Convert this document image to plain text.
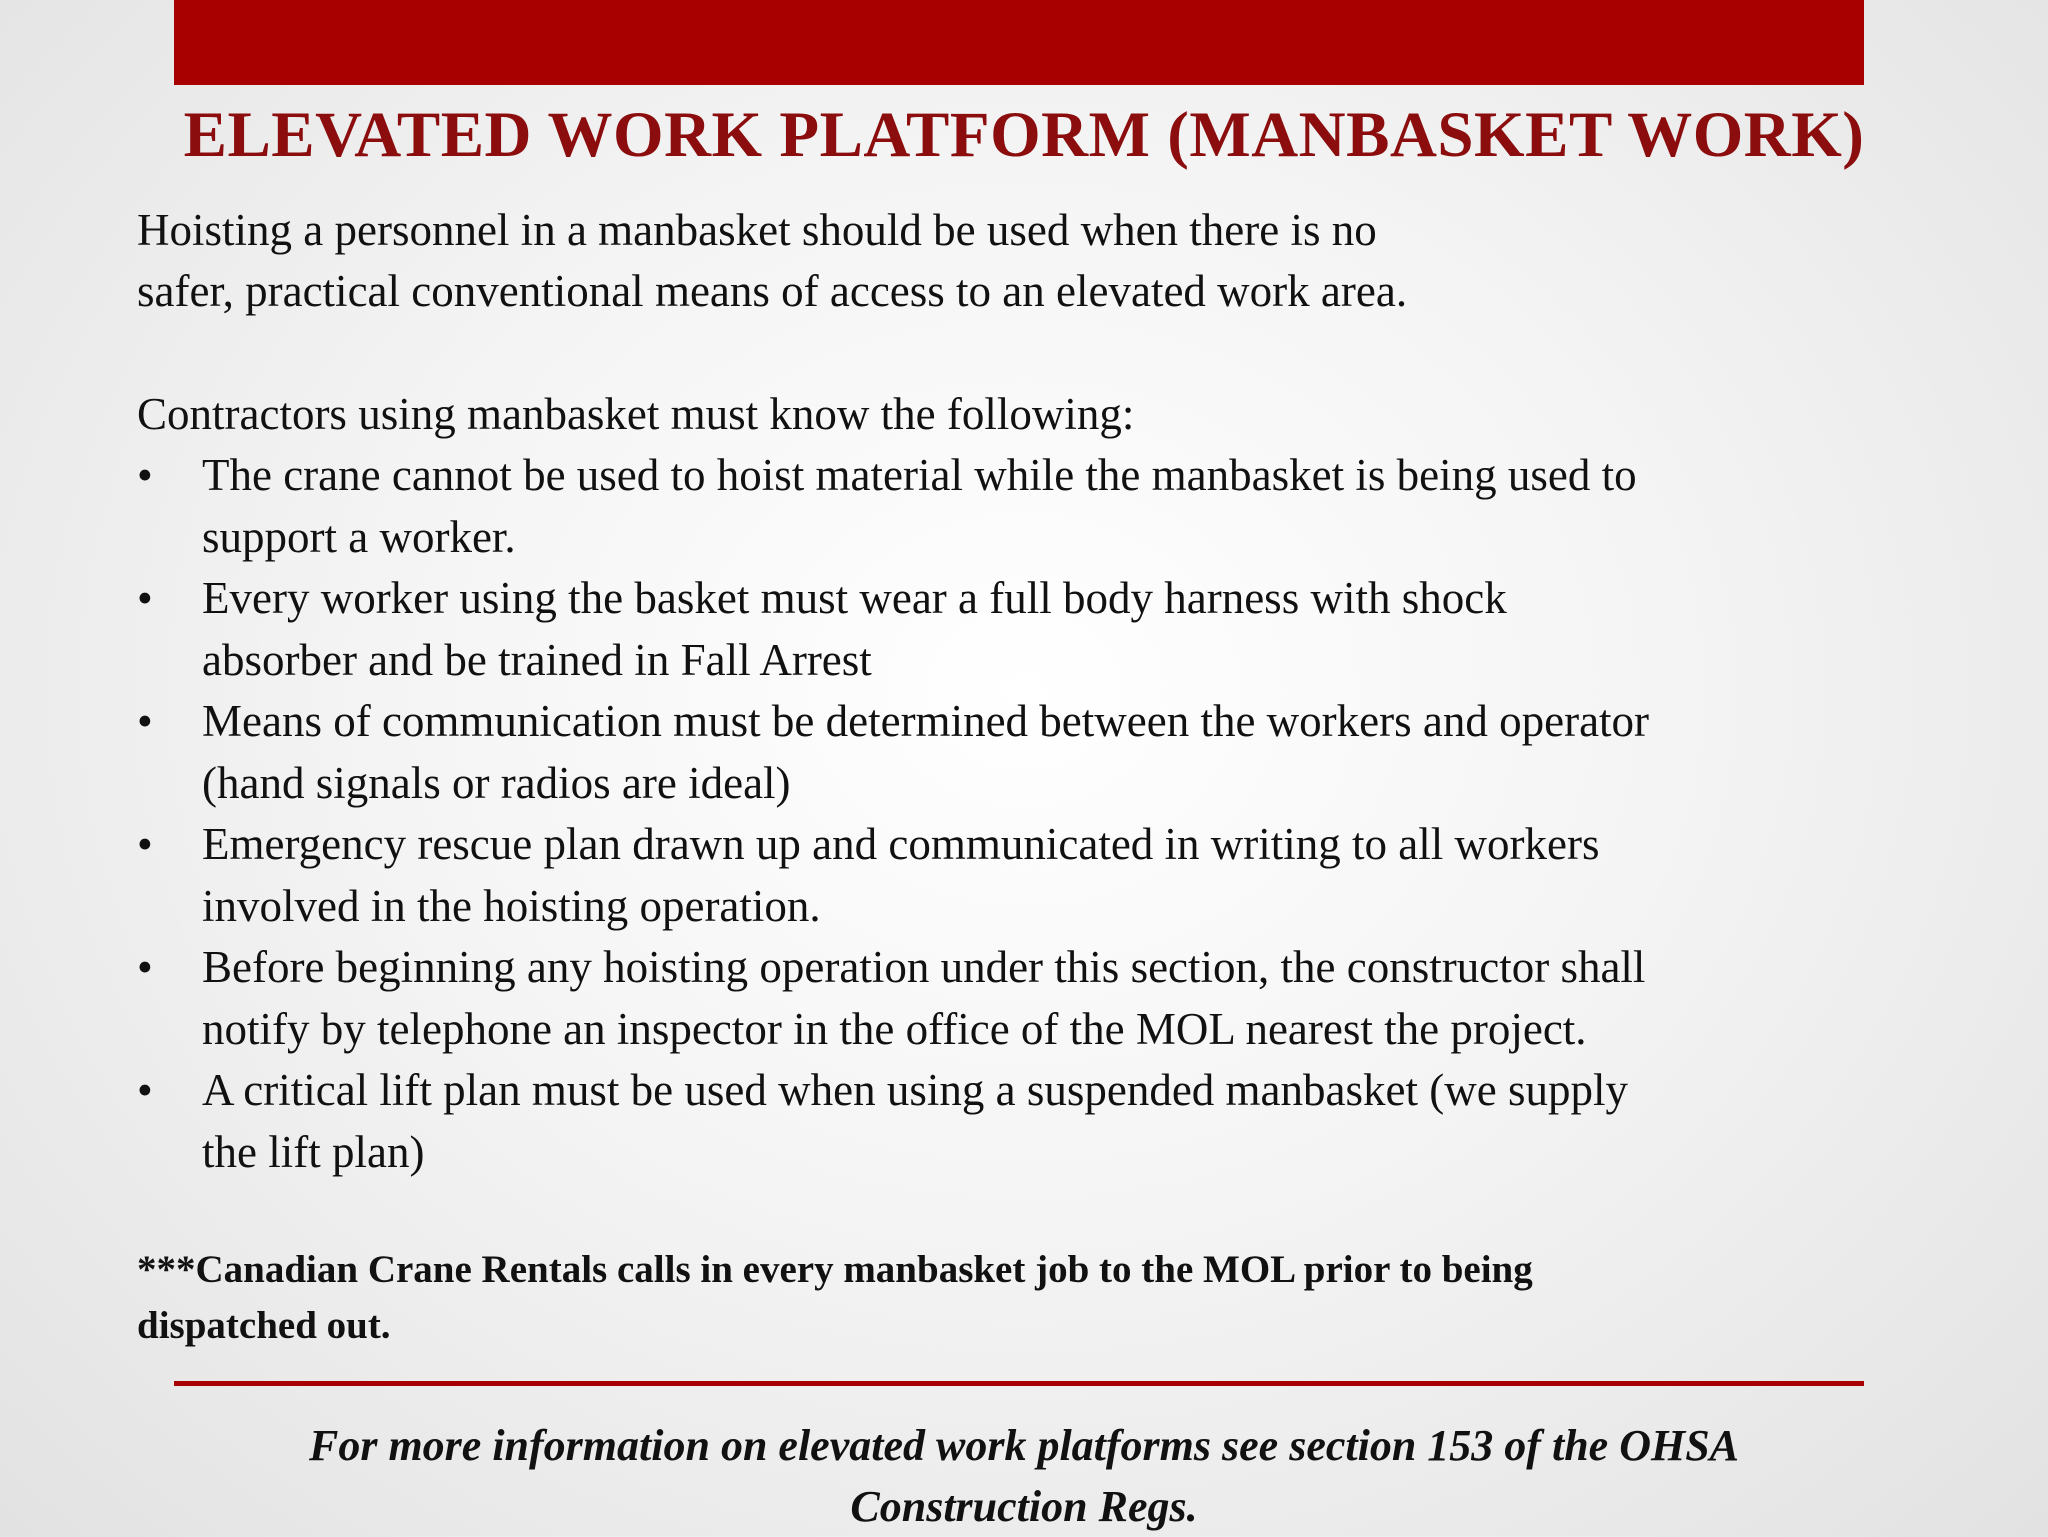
ELEVATED WORK PLATFORM (MANBASKET WORK)
Hoisting a personnel in a manbasket should be used when there is no
safer, practical conventional means of access to an elevated work area.
Contractors using manbasket must know the following:
• The crane cannot be used to hoist material while the manbasket is being used to
support a worker.
• Every worker using the basket must wear a full body harness with shock
absorber and be trained in Fall Arrest
• Means of communication must be determined between the workers and operator
(hand signals or radios are ideal)
• Emergency rescue plan drawn up and communicated in writing to all workers
involved in the hoisting operation.
• Before beginning any hoisting operation under this section, the constructor shall
notify by telephone an inspector in the office of the MOL nearest the project.
• A critical lift plan must be used when using a suspended manbasket (we supply
the lift plan)
***Canadian Crane Rentals calls in every manbasket job to the MOL prior to being
dispatched out.
For more information on elevated work platforms see section 153 of the OHSA
Construction Regs.
